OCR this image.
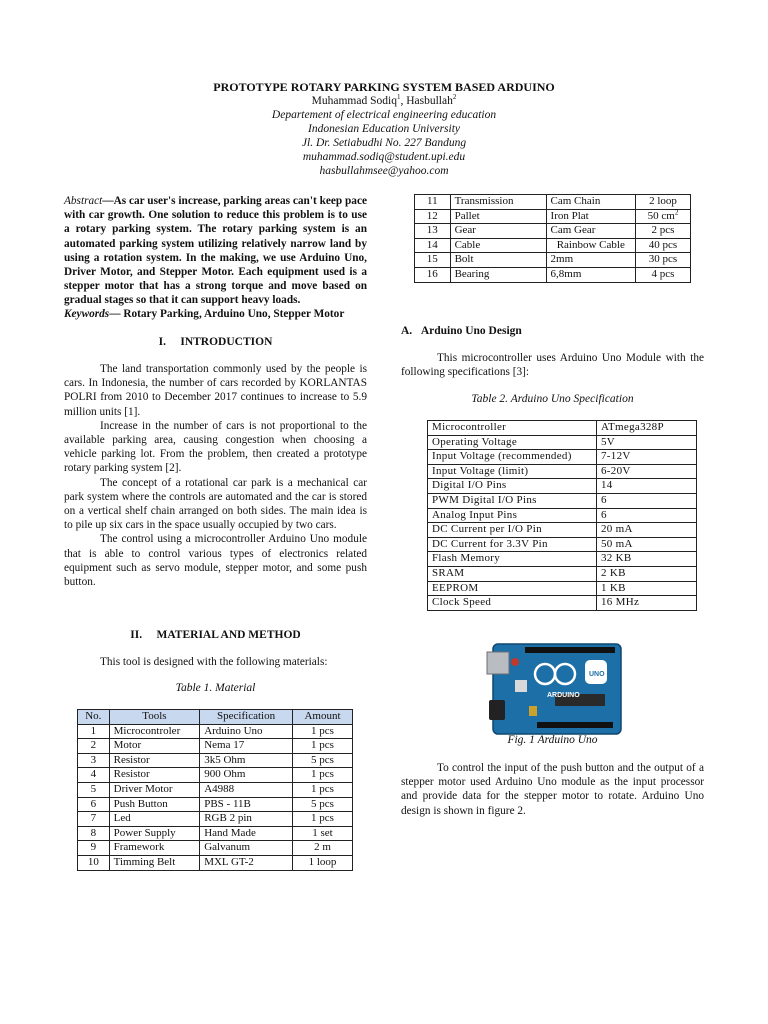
PROTOTYPE ROTARY PARKING SYSTEM BASED ARDUINO
Muhammad Sodiq$^1$, Hasbullah$^2$
Departement of electrical engineering education
Indonesian Education University
Jl. Dr. Setiabudhi No. 227 Bandung
muhammad.sodiq@student.upi.edu
hasbullahmsee@yahoo.com

Abstract—As car user's increase, parking areas can't keep pace with car growth. One solution to reduce this problem is to use a rotary parking system. The rotary parking system is an automated parking system utilizing relatively narrow land by using a rotation system. In the making, we use Arduino Uno, Driver Motor, and Stepper Motor. Each equipment used is a stepper motor that has a strong torque and move based on gradual stages so that it can support heavy loads.

Keywords— Rotary Parking, Arduino Uno, Stepper Motor

I. INTRODUCTION

The land transportation commonly used by the people is cars. In Indonesia, the number of cars recorded by KORLANTAS POLRI from 2010 to December 2017 continues to increase to 5.9 million units [1].

Increase in the number of cars is not proportional to the available parking area, causing congestion when choosing a vehicle parking lot. From the problem, then created a prototype rotary parking system [2].

The concept of a rotational car park is a mechanical car park system where the controls are automated and the car is stored on a vertical shelf chain arranged on both sides. The main idea is to pile up six cars in the space usually occupied by two cars.

The control using a microcontroller Arduino Uno module that is able to control various types of electronics related equipment such as servo module, stepper motor, and some push button.

II. MATERIAL AND METHOD

This tool is designed with the following materials:

Table 1. Material
No.	Tools	Specification	Amount
1	Microcontroler	Arduino Uno	1 pcs
2	Motor	Nema 17	1 pcs
3	Resistor	3k5 Ohm	5 pcs
4	Resistor	900 Ohm	1 pcs
5	Driver Motor	A4988	1 pcs
6	Push Button	PBS - 11B	5 pcs
7	Led	RGB 2 pin	1 pcs
8	Power Supply	Hand Made	1 set
9	Framework	Galvanum	2 m
10	Timming Belt	MXL GT-2	1 loop
11	Transmission	Cam Chain	2 loop
12	Pallet	Iron Plat	50 $cm^2$
13	Gear	Cam Gear	2 pcs
14	Cable	Rainbow Cable	40 pcs
15	Bolt	2mm	30 pcs
16	Bearing	6,8mm	4 pcs
A. Arduino Uno Design

This microcontroller uses Arduino Uno Module with the following specifications [3]:

Table 2. Arduino Uno Specification
Microcontroller	ATmega328P
Operating Voltage	5V
Input Voltage (recommended)	7-12V
Input Voltage (limit)	6-20V
Digital I/O Pins	14
PWM Digital I/O Pins	6
Analog Input Pins	6
DC Current per I/O Pin	20 mA
DC Current for 3.3V Pin	50 mA
Flash Memory	32 KB
SRAM	2 KB
EEPROM	1 KB
Clock Speed	16 MHz
ARDUINO
UNO
Fig. 1 Arduino Uno

To control the input of the push button and the output of a stepper motor used Arduino Uno module as the input processor and provide data for the stepper motor to rotate. Arduino Uno design is shown in figure 2.
